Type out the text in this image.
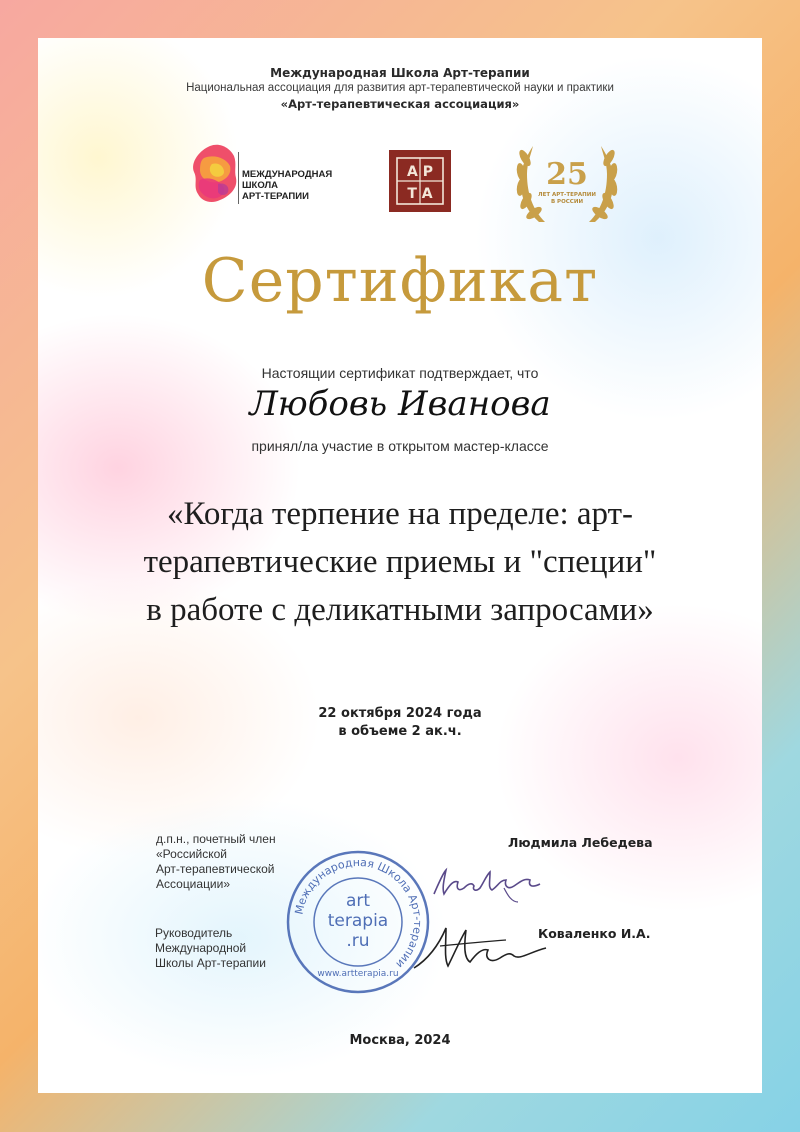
Международная Школа Арт-терапии
Национальная ассоциация для развития арт-терапевтической науки и практики
«Арт-терапевтическая ассоциация»
МЕЖДУНАРОДНАЯ
ШКОЛА
АРТ-ТЕРАПИИ
А Р
Т А
25
ЛЕТ АРТ-ТЕРАПИИ
В РОССИИ
Сертификат
Настоящии сертификат подтверждает, что
Любовь Иванова
принял/ла участие в открытом мастер-классе
«Когда терпение на пределе: арт-
терапевтические приемы и "специи"
в работе с деликатными запросами»
22 октября 2024 года
в объеме 2 ак.ч.
д.п.н., почетный член
«Российской
Арт-терапевтической
Ассоциации»
Людмила Лебедева
Руководитель
Международной
Школы Арт-терапии
Коваленко И.А.
Международная Школа Арт-терапии
art
terapia
.ru
www.artterapia.ru
Москва, 2024
